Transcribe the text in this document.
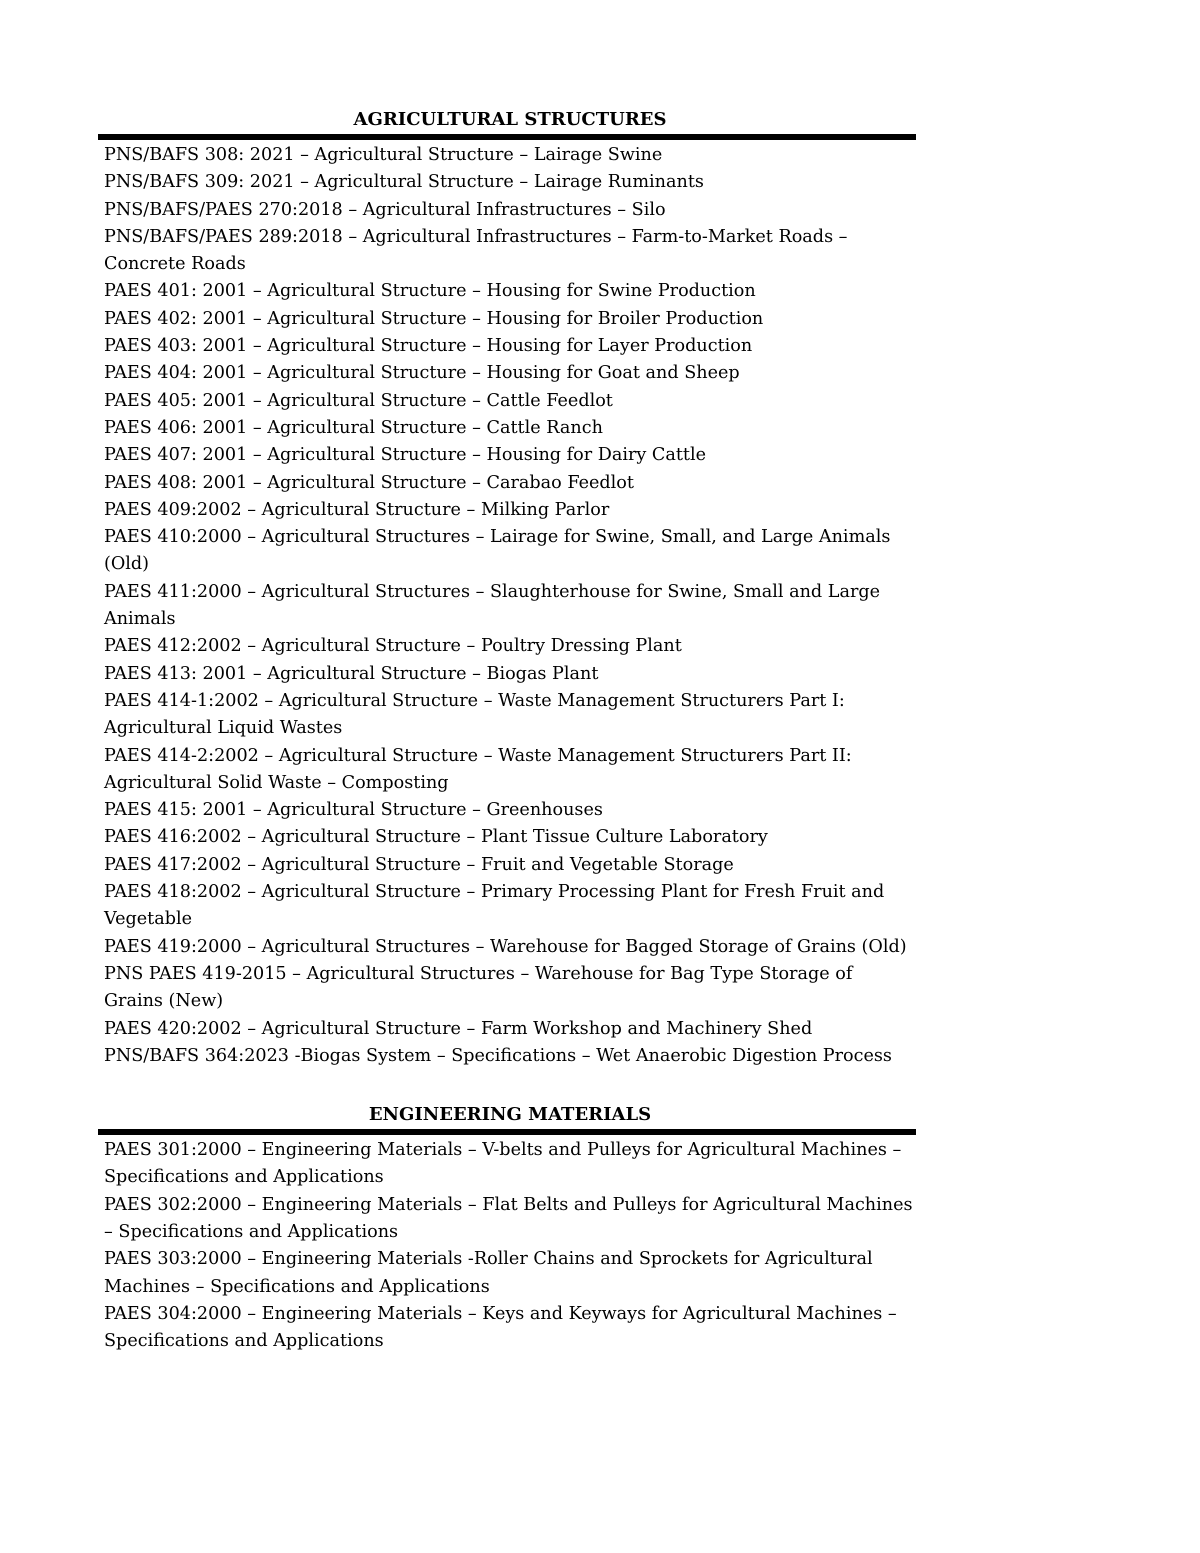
AGRICULTURAL STRUCTURES
PNS/BAFS 308: 2021 – Agricultural Structure – Lairage Swine
PNS/BAFS 309: 2021 – Agricultural Structure – Lairage Ruminants
PNS/BAFS/PAES 270:2018 – Agricultural Infrastructures – Silo
PNS/BAFS/PAES 289:2018 – Agricultural Infrastructures – Farm-to-Market Roads – Concrete Roads
PAES 401: 2001 – Agricultural Structure – Housing for Swine Production
PAES 402: 2001 – Agricultural Structure – Housing for Broiler Production
PAES 403: 2001 – Agricultural Structure – Housing for Layer Production
PAES 404: 2001 – Agricultural Structure – Housing for Goat and Sheep
PAES 405: 2001 – Agricultural Structure – Cattle Feedlot
PAES 406: 2001 – Agricultural Structure – Cattle Ranch
PAES 407: 2001 – Agricultural Structure – Housing for Dairy Cattle
PAES 408: 2001 – Agricultural Structure – Carabao Feedlot
PAES 409:2002 – Agricultural Structure – Milking Parlor
PAES 410:2000 – Agricultural Structures – Lairage for Swine, Small, and Large Animals (Old)
PAES 411:2000 – Agricultural Structures – Slaughterhouse for Swine, Small and Large Animals
PAES 412:2002 – Agricultural Structure – Poultry Dressing Plant
PAES 413: 2001 – Agricultural Structure – Biogas Plant
PAES 414-1:2002 – Agricultural Structure – Waste Management Structurers Part I: Agricultural Liquid Wastes
PAES 414-2:2002 – Agricultural Structure – Waste Management Structurers Part II: Agricultural Solid Waste – Composting
PAES 415: 2001 – Agricultural Structure – Greenhouses
PAES 416:2002 – Agricultural Structure – Plant Tissue Culture Laboratory
PAES 417:2002 – Agricultural Structure – Fruit and Vegetable Storage
PAES 418:2002 – Agricultural Structure – Primary Processing Plant for Fresh Fruit and Vegetable
PAES 419:2000 – Agricultural Structures – Warehouse for Bagged Storage of Grains (Old)
PNS PAES 419-2015 – Agricultural Structures – Warehouse for Bag Type Storage of Grains (New)
PAES 420:2002 – Agricultural Structure – Farm Workshop and Machinery Shed
PNS/BAFS 364:2023 -Biogas System – Specifications – Wet Anaerobic Digestion Process
ENGINEERING MATERIALS
PAES 301:2000 – Engineering Materials – V-belts and Pulleys for Agricultural Machines – Specifications and Applications
PAES 302:2000 – Engineering Materials – Flat Belts and Pulleys for Agricultural Machines – Specifications and Applications
PAES 303:2000 – Engineering Materials -Roller Chains and Sprockets for Agricultural Machines – Specifications and Applications
PAES 304:2000 – Engineering Materials – Keys and Keyways for Agricultural Machines – Specifications and Applications
